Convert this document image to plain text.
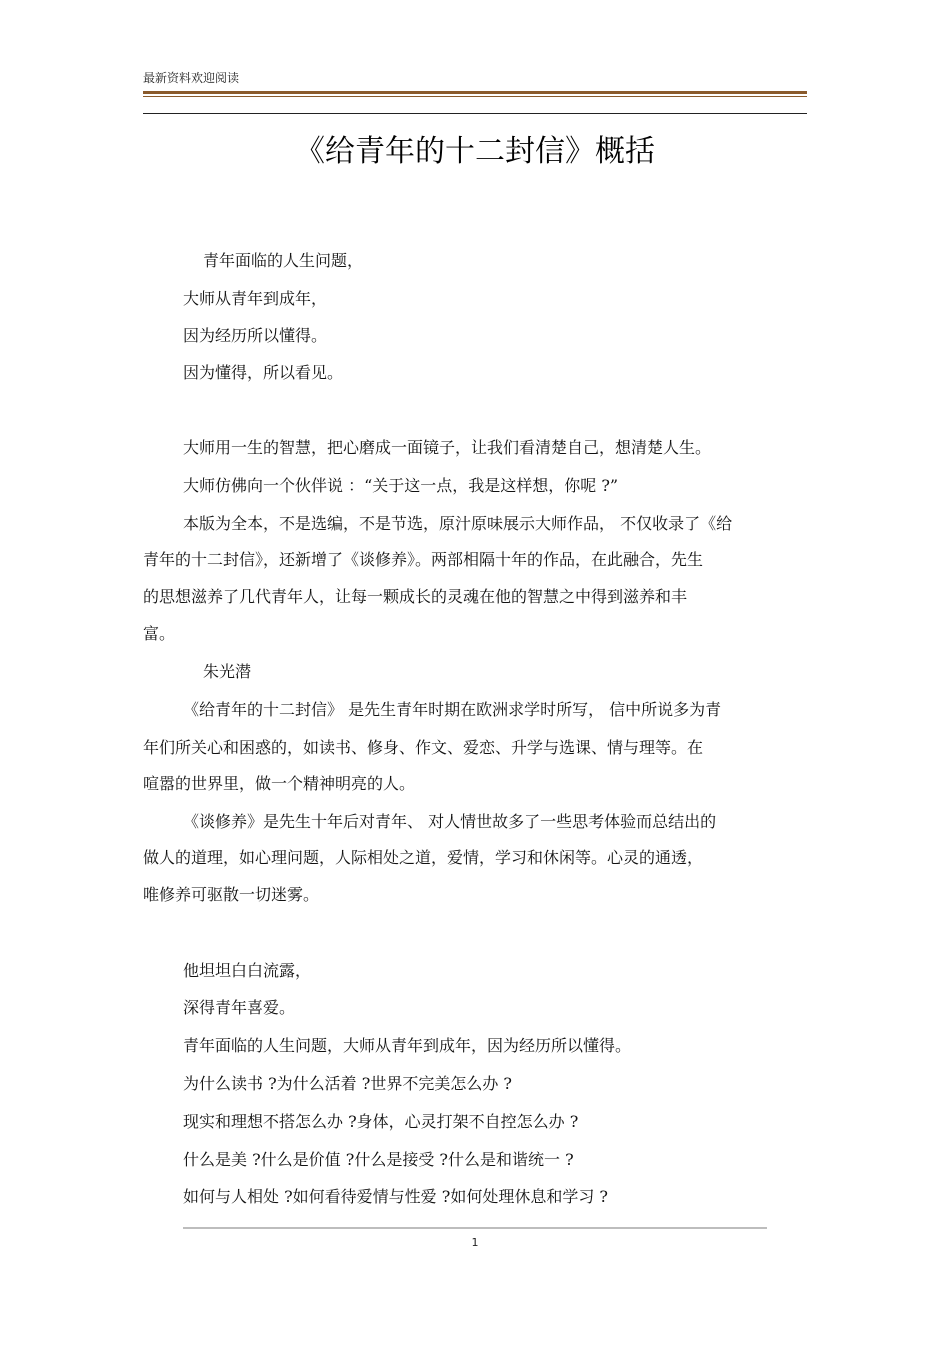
最新资料欢迎阅读
《给青年的十二封信》概括
青年面临的人生问题，
大师从青年到成年，
因为经历所以懂得。
因为懂得，所以看见。
大师用一生的智慧，把心磨成一面镜子，让我们看清楚自己，想清楚人生。
大师仿佛向一个伙伴说 ：“关于这一点，我是这样想，你呢 ?”
本版为全本，不是选编，不是节选，原汁原味展示大师作品， 不仅收录了《给
青年的十二封信》，还新增了《谈修养》。两部相隔十年的作品，在此融合，先生
的思想滋养了几代青年人，让每一颗成长的灵魂在他的智慧之中得到滋养和丰
富。
朱光潜
《给青年的十二封信》 是先生青年时期在欧洲求学时所写， 信中所说多为青
年们所关心和困惑的，如读书、修身、作文、爱恋、升学与选课、情与理等。在
喧嚣的世界里，做一个精神明亮的人。
《谈修养》是先生十年后对青年、 对人情世故多了一些思考体验而总结出的
做人的道理，如心理问题，人际相处之道，爱情，学习和休闲等。心灵的通透，
唯修养可驱散一切迷雾。
他坦坦白白流露，
深得青年喜爱。
青年面临的人生问题，大师从青年到成年，因为经历所以懂得。
为什么读书 ?为什么活着 ?世界不完美怎么办 ?
现实和理想不搭怎么办 ?身体，心灵打架不自控怎么办 ?
什么是美 ?什么是价值 ?什么是接受 ?什么是和谐统一 ?
如何与人相处 ?如何看待爱情与性爱 ?如何处理休息和学习 ?
1
